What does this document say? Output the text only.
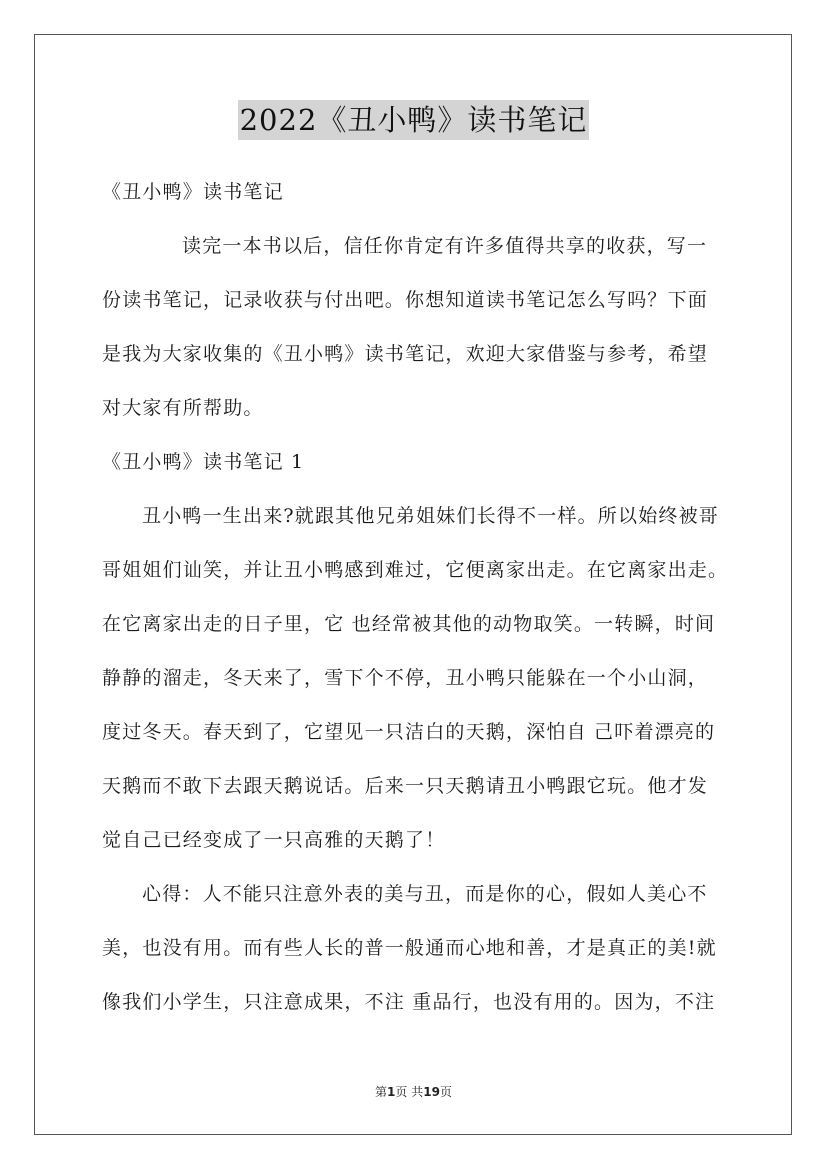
2022《丑小鸭》读书笔记
《丑小鸭》读书笔记
读完一本书以后，信任你肯定有许多值得共享的收获，写一
份读书笔记，记录收获与付出吧。你想知道读书笔记怎么写吗？下面
是我为大家收集的《丑小鸭》读书笔记，欢迎大家借鉴与参考，希望
对大家有所帮助。
《丑小鸭》读书笔记 1
丑小鸭一生出来?就跟其他兄弟姐妹们长得不一样。所以始终被哥
哥姐姐们讪笑，并让丑小鸭感到难过，它便离家出走。在它离家出走。
在它离家出走的日子里，它 也经常被其他的动物取笑。一转瞬，时间
静静的溜走，冬天来了，雪下个不停，丑小鸭只能躲在一个小山洞，
度过冬天。春天到了，它望见一只洁白的天鹅，深怕自 己吓着漂亮的
天鹅而不敢下去跟天鹅说话。后来一只天鹅请丑小鸭跟它玩。他才发
觉自己已经变成了一只高雅的天鹅了！
心得：人不能只注意外表的美与丑，而是你的心，假如人美心不
美，也没有用。而有些人长的普一般通而心地和善，才是真正的美!就
像我们小学生，只注意成果，不注 重品行，也没有用的。因为，不注
第1页 共19页
